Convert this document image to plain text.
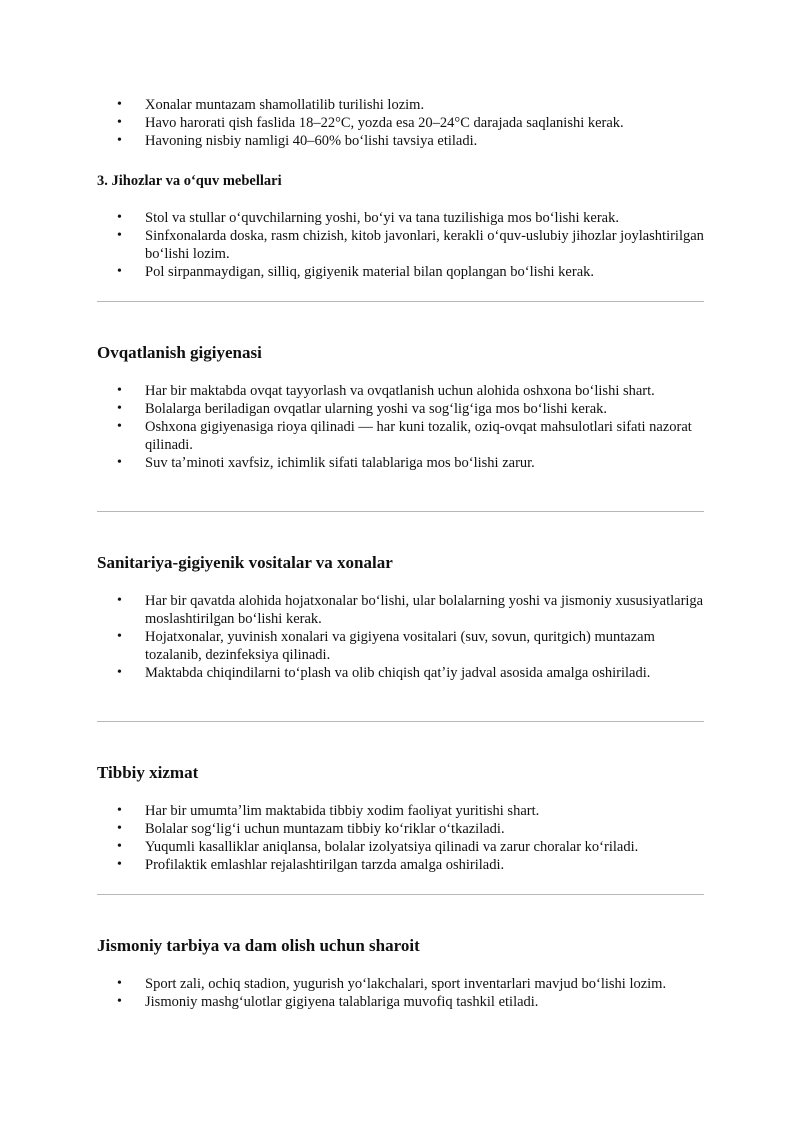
• Xonalar muntazam shamollatilib turilishi lozim.
• Havo harorati qish faslida 18–22°C, yozda esa 20–24°C darajada saqlanishi kerak.
• Havoning nisbiy namligi 40–60% boʻlishi tavsiya etiladi.

3. Jihozlar va oʻquv mebellari

• Stol va stullar oʻquvchilarning yoshi, boʻyi va tana tuzilishiga mos boʻlishi kerak.
• Sinfxonalarda doska, rasm chizish, kitob javonlari, kerakli oʻquv-uslubiy jihozlar joylashtirilgan boʻlishi lozim.
• Pol sirpanmaydigan, silliq, gigiyenik material bilan qoplangan boʻlishi kerak.
Ovqatlanish gigiyenasi
• Har bir maktabda ovqat tayyorlash va ovqatlanish uchun alohida oshxona boʻlishi shart.
• Bolalarga beriladigan ovqatlar ularning yoshi va sogʻligʻiga mos boʻlishi kerak.
• Oshxona gigiyenasiga rioya qilinadi — har kuni tozalik, oziq-ovqat mahsulotlari sifati nazorat qilinadi.
• Suv taʼminoti xavfsiz, ichimlik sifati talablariga mos boʻlishi zarur.
Sanitariya-gigiyenik vositalar va xonalar
• Har bir qavatda alohida hojatxonalar boʻlishi, ular bolalarning yoshi va jismoniy xususiyatlariga moslashtirilgan boʻlishi kerak.
• Hojatxonalar, yuvinish xonalari va gigiyena vositalari (suv, sovun, quritgich) muntazam tozalanib, dezinfeksiya qilinadi.
• Maktabda chiqindilarni toʻplash va olib chiqish qatʼiy jadval asosida amalga oshiriladi.
Tibbiy xizmat
• Har bir umumtaʼlim maktabida tibbiy xodim faoliyat yuritishi shart.
• Bolalar sogʻligʻi uchun muntazam tibbiy koʻriklar oʻtkaziladi.
• Yuqumli kasalliklar aniqlansa, bolalar izolyatsiya qilinadi va zarur choralar koʻriladi.
• Profilaktik emlashlar rejalashtirilgan tarzda amalga oshiriladi.
Jismoniy tarbiya va dam olish uchun sharoit
• Sport zali, ochiq stadion, yugurish yoʻlakchalari, sport inventarlari mavjud boʻlishi lozim.
• Jismoniy mashgʻulotlar gigiyena talablariga muvofiq tashkil etiladi.
